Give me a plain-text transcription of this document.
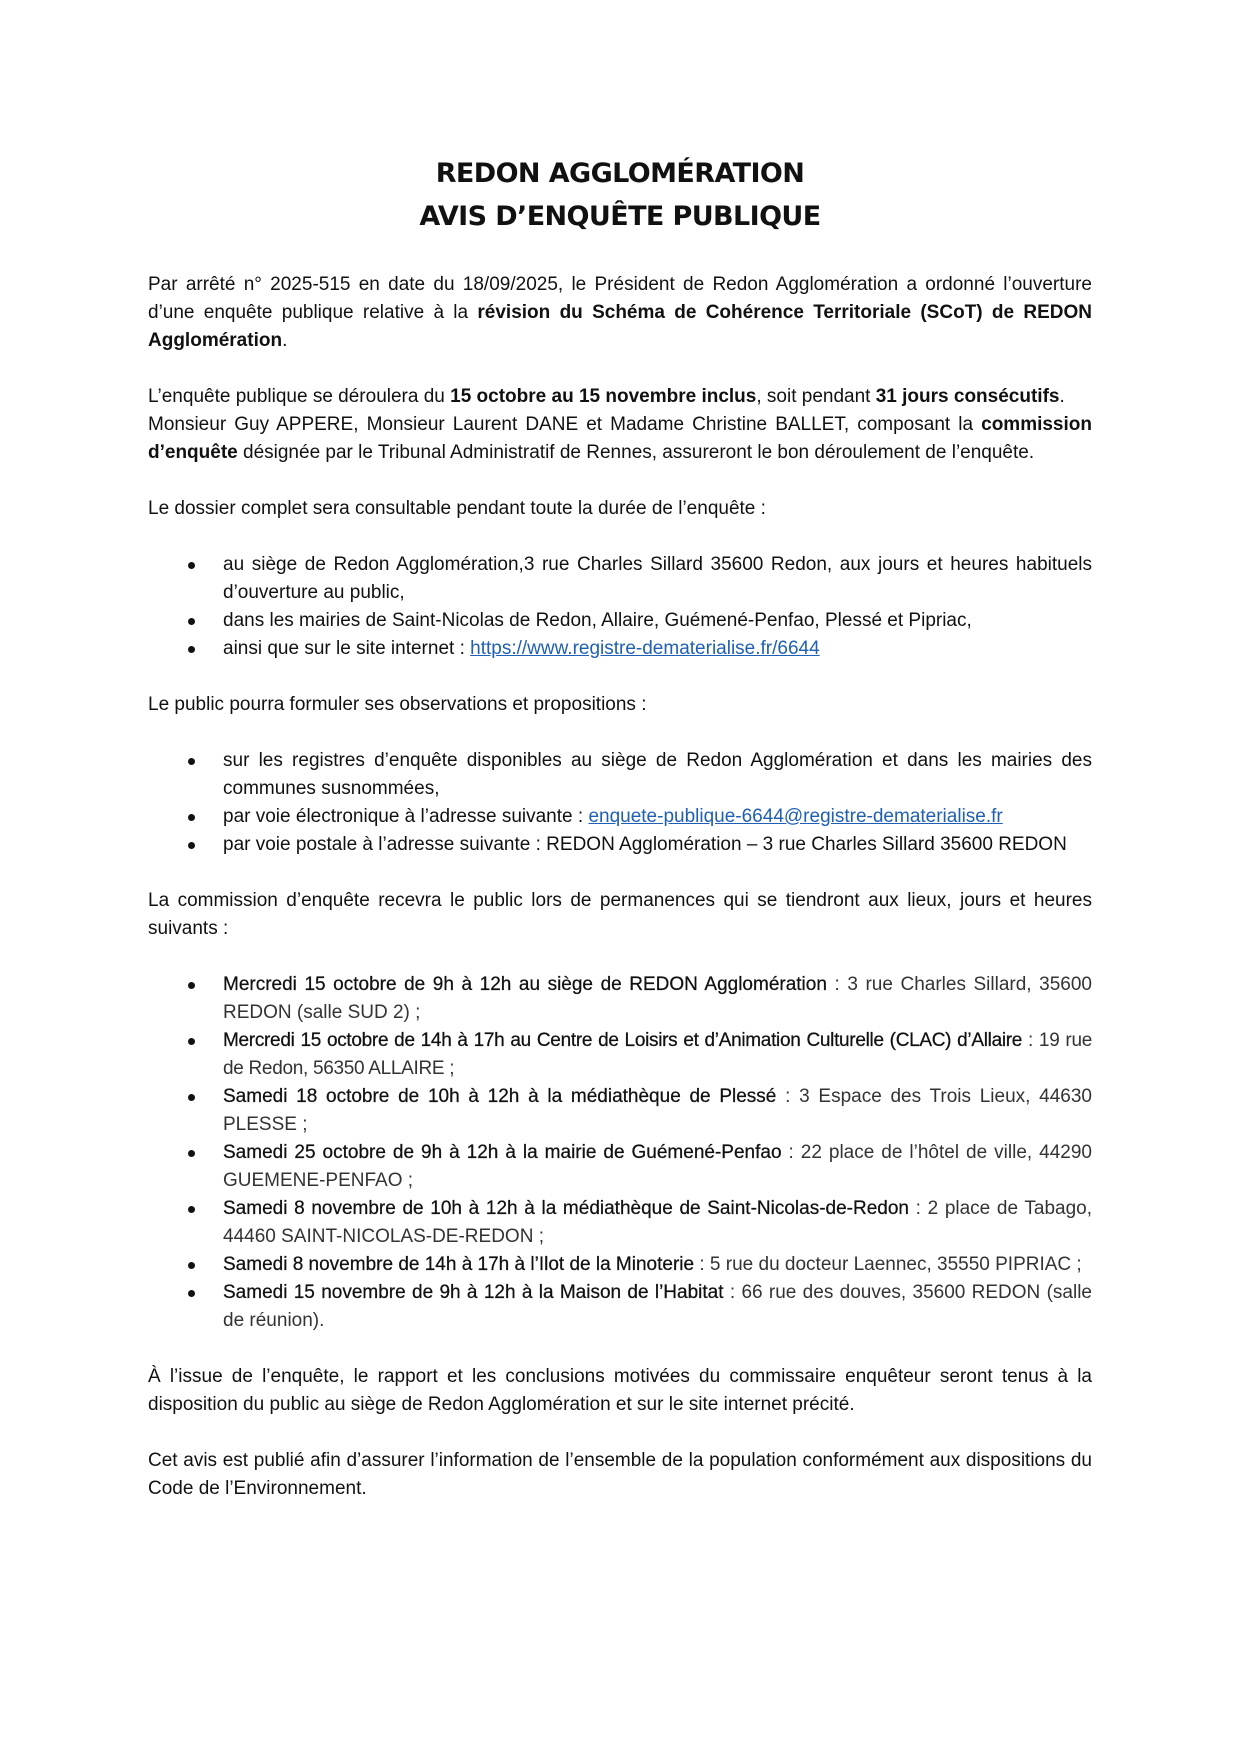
REDON AGGLOMÉRATION
AVIS D’ENQUÊTE PUBLIQUE

Par arrêté n° 2025-515 en date du 18/09/2025, le Président de Redon Agglomération a ordonné l’ouverture d’une enquête publique relative à la révision du Schéma de Cohérence Territoriale (SCoT) de REDON Agglomération.

L’enquête publique se déroulera du 15 octobre au 15 novembre inclus, soit pendant 31 jours consécutifs.

Monsieur Guy APPERE, Monsieur Laurent DANE et Madame Christine BALLET, composant la commission d’enquête désignée par le Tribunal Administratif de Rennes, assureront le bon déroulement de l’enquête.

Le dossier complet sera consultable pendant toute la durée de l’enquête :

au siège de Redon Agglomération,3 rue Charles Sillard 35600 Redon, aux jours et heures habituels d’ouverture au public,
dans les mairies de Saint-Nicolas de Redon, Allaire, Guémené-Penfao, Plessé et Pipriac,
ainsi que sur le site internet : https://www.registre-dematerialise.fr/6644

Le public pourra formuler ses observations et propositions :

sur les registres d’enquête disponibles au siège de Redon Agglomération et dans les mairies des communes susnommées,
par voie électronique à l’adresse suivante : enquete-publique-6644@registre-dematerialise.fr
par voie postale à l’adresse suivante : REDON Agglomération – 3 rue Charles Sillard 35600 REDON

La commission d’enquête recevra le public lors de permanences qui se tiendront aux lieux, jours et heures suivants :

Mercredi 15 octobre de 9h à 12h au siège de REDON Agglomération : 3 rue Charles Sillard, 35600 REDON (salle SUD 2) ;
Mercredi 15 octobre de 14h à 17h au Centre de Loisirs et d’Animation Culturelle (CLAC) d’Allaire : 19 rue de Redon, 56350 ALLAIRE ;
Samedi 18 octobre de 10h à 12h à la médiathèque de Plessé : 3 Espace des Trois Lieux, 44630 PLESSE ;
Samedi 25 octobre de 9h à 12h à la mairie de Guémené-Penfao : 22 place de l’hôtel de ville, 44290 GUEMENE-PENFAO ;
Samedi 8 novembre de 10h à 12h à la médiathèque de Saint-Nicolas-de-Redon : 2 place de Tabago, 44460 SAINT-NICOLAS-DE-REDON ;
Samedi 8 novembre de 14h à 17h à l’Ilot de la Minoterie : 5 rue du docteur Laennec, 35550 PIPRIAC ;
Samedi 15 novembre de 9h à 12h à la Maison de l’Habitat : 66 rue des douves, 35600 REDON (salle de réunion).

À l’issue de l’enquête, le rapport et les conclusions motivées du commissaire enquêteur seront tenus à la disposition du public au siège de Redon Agglomération et sur le site internet précité.

Cet avis est publié afin d’assurer l’information de l’ensemble de la population conformément aux dispositions du Code de l’Environnement.
